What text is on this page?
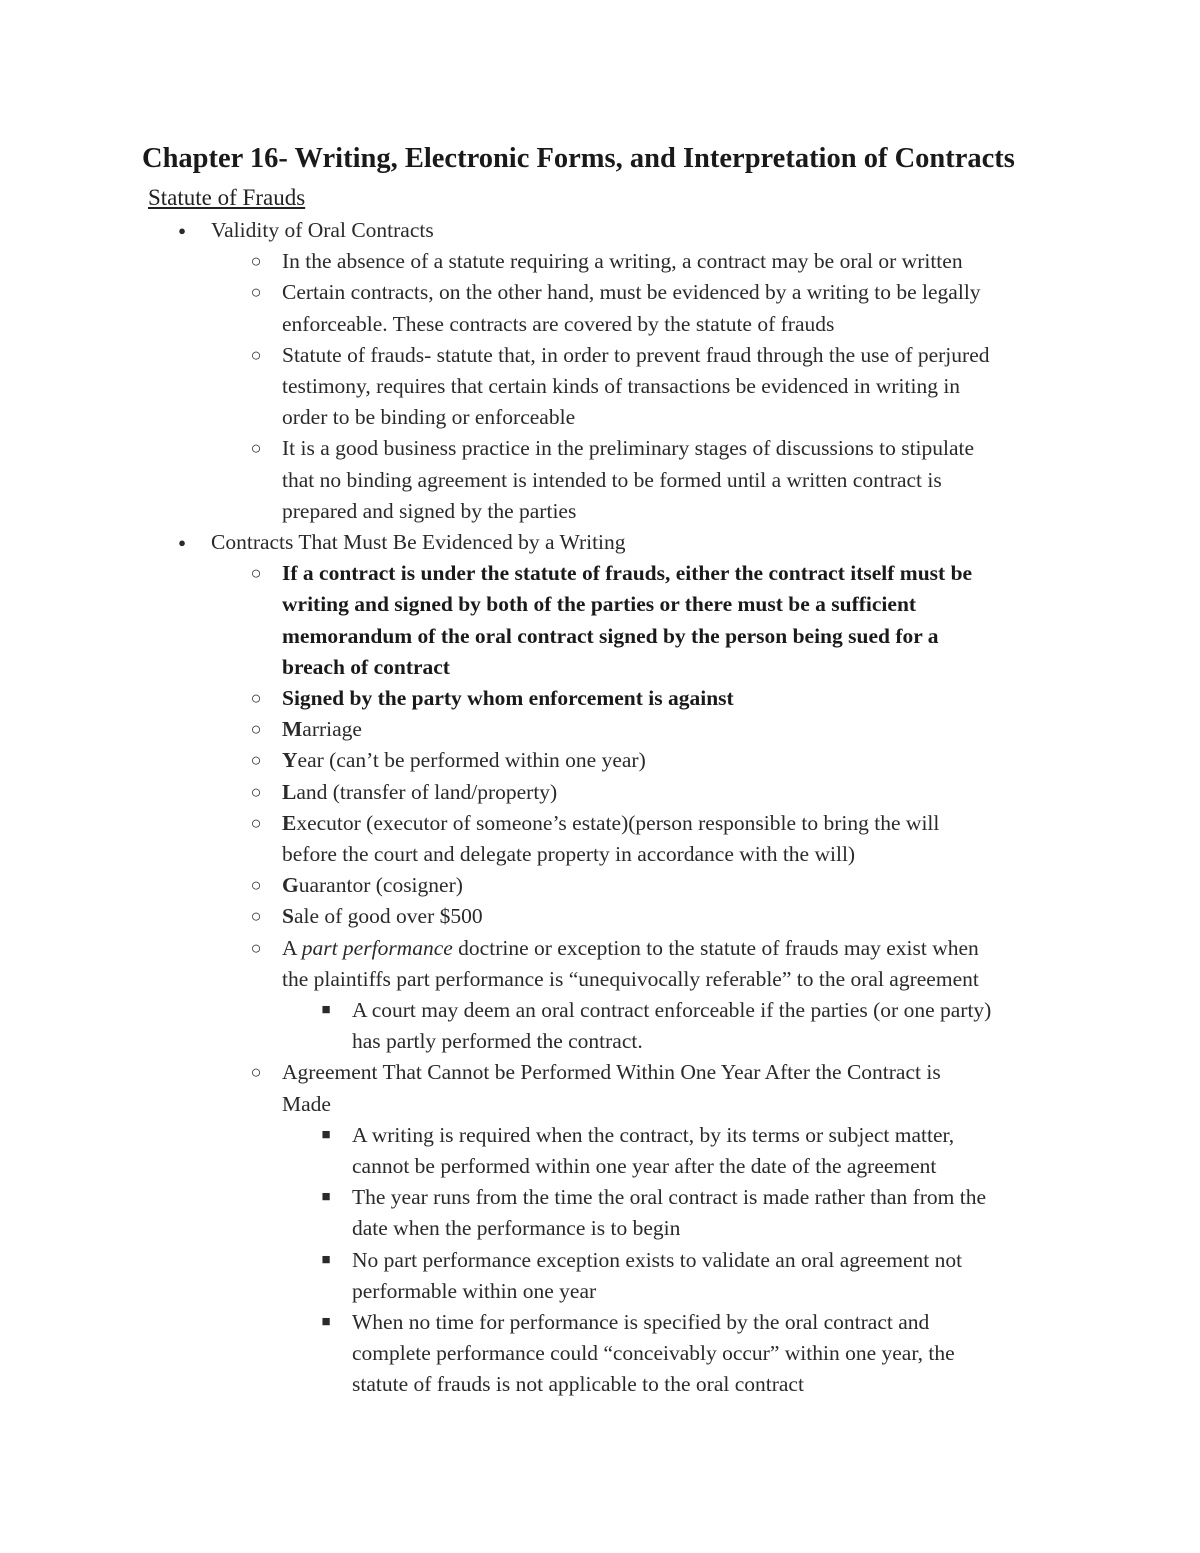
Chapter 16- Writing, Electronic Forms, and Interpretation of Contracts
Statute of Frauds
● Validity of Oral Contracts
○ In the absence of a statute requiring a writing, a contract may be oral or written
○ Certain contracts, on the other hand, must be evidenced by a writing to be legally
enforceable. These contracts are covered by the statute of frauds
○ Statute of frauds- statute that, in order to prevent fraud through the use of perjured
testimony, requires that certain kinds of transactions be evidenced in writing in
order to be binding or enforceable
○ It is a good business practice in the preliminary stages of discussions to stipulate
that no binding agreement is intended to be formed until a written contract is
prepared and signed by the parties
● Contracts That Must Be Evidenced by a Writing
○ If a contract is under the statute of frauds, either the contract itself must be
writing and signed by both of the parties or there must be a sufficient
memorandum of the oral contract signed by the person being sued for a
breach of contract
○ Signed by the party whom enforcement is against
○ Marriage
○ Year (can’t be performed within one year)
○ Land (transfer of land/property)
○ Executor (executor of someone’s estate)(person responsible to bring the will
before the court and delegate property in accordance with the will)
○ Guarantor (cosigner)
○ Sale of good over $500
○ A part performance doctrine or exception to the statute of frauds may exist when
the plaintiffs part performance is “unequivocally referable” to the oral agreement
■ A court may deem an oral contract enforceable if the parties (or one party)
has partly performed the contract.
○ Agreement That Cannot be Performed Within One Year After the Contract is
Made
■ A writing is required when the contract, by its terms or subject matter,
cannot be performed within one year after the date of the agreement
■ The year runs from the time the oral contract is made rather than from the
date when the performance is to begin
■ No part performance exception exists to validate an oral agreement not
performable within one year
■ When no time for performance is specified by the oral contract and
complete performance could “conceivably occur” within one year, the
statute of frauds is not applicable to the oral contract
